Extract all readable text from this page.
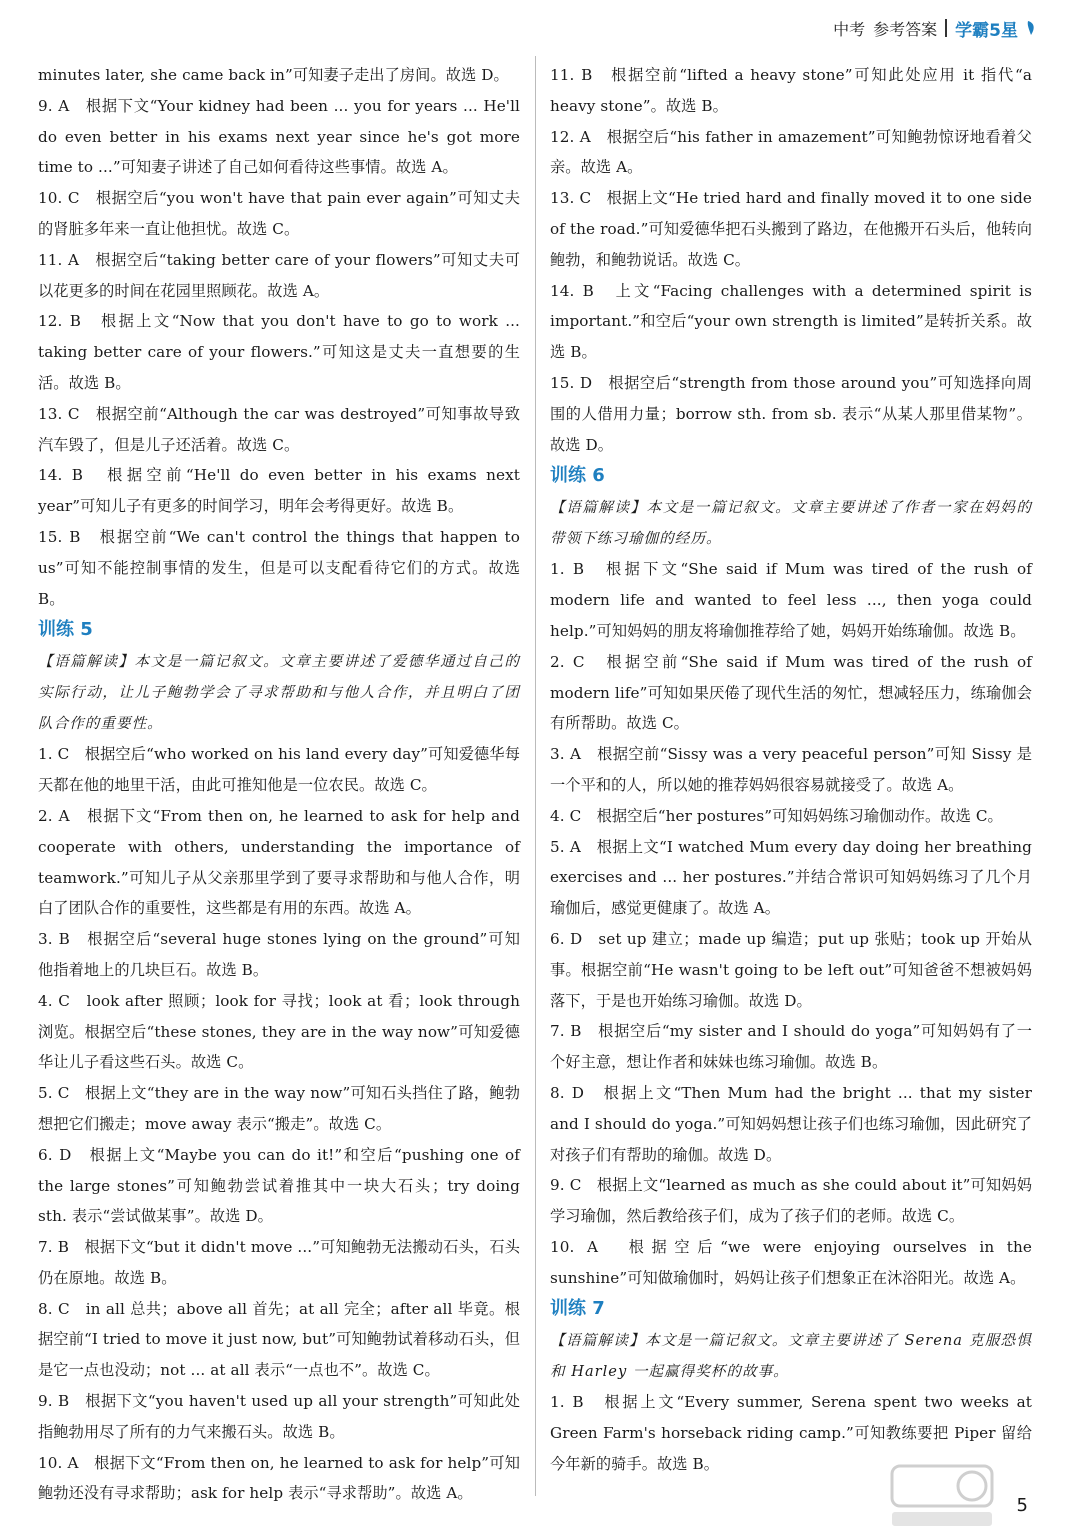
中考 参考答案 学霸5星
minutes later, she came back in”可知妻子走出了房间。故选 D。
9. A　根据下文“Your kidney had been ... you for years ... He'll do even better in his exams next year since he's got more time to ...”可知妻子讲述了自己如何看待这些事情。故选 A。
10. C　根据空后“you won't have that pain ever again”可知丈夫的肾脏多年来一直让他担忧。故选 C。
11. A　根据空后“taking better care of your flowers”可知丈夫可以花更多的时间在花园里照顾花。故选 A。
12. B　根据上文“Now that you don't have to go to work ... taking better care of your flowers.”可知这是丈夫一直想要的生活。故选 B。
13. C　根据空前“Although the car was destroyed”可知事故导致汽车毁了，但是儿子还活着。故选 C。
14. B　根据空前“He'll do even better in his exams next year”可知儿子有更多的时间学习，明年会考得更好。故选 B。
15. B　根据空前“We can't control the things that happen to us”可知不能控制事情的发生，但是可以支配看待它们的方式。故选 B。
训练 5
【语篇解读】本文是一篇记叙文。文章主要讲述了爱德华通过自己的实际行动，让儿子鲍勃学会了寻求帮助和与他人合作，并且明白了团队合作的重要性。
1. C　根据空后“who worked on his land every day”可知爱德华每天都在他的地里干活，由此可推知他是一位农民。故选 C。
2. A　根据下文“From then on, he learned to ask for help and cooperate with others, understanding the importance of teamwork.”可知儿子从父亲那里学到了要寻求帮助和与他人合作，明白了团队合作的重要性，这些都是有用的东西。故选 A。
3. B　根据空后“several huge stones lying on the ground”可知他指着地上的几块巨石。故选 B。
4. C　look after 照顾；look for 寻找；look at 看；look through 浏览。根据空后“these stones, they are in the way now”可知爱德华让儿子看这些石头。故选 C。
5. C　根据上文“they are in the way now”可知石头挡住了路，鲍勃想把它们搬走；move away 表示“搬走”。故选 C。
6. D　根据上文“Maybe you can do it!”和空后“pushing one of the large stones”可知鲍勃尝试着推其中一块大石头；try doing sth. 表示“尝试做某事”。故选 D。
7. B　根据下文“but it didn't move ...”可知鲍勃无法搬动石头，石头仍在原地。故选 B。
8. C　in all 总共；above all 首先；at all 完全；after all 毕竟。根据空前“I tried to move it just now, but”可知鲍勃试着移动石头，但是它一点也没动；not ... at all 表示“一点也不”。故选 C。
9. B　根据下文“you haven't used up all your strength”可知此处指鲍勃用尽了所有的力气来搬石头。故选 B。
10. A　根据下文“From then on, he learned to ask for help”可知鲍勃还没有寻求帮助；ask for help 表示“寻求帮助”。故选 A。
11. B　根据空前“lifted a heavy stone”可知此处应用 it 指代“a heavy stone”。故选 B。
12. A　根据空后“his father in amazement”可知鲍勃惊讶地看着父亲。故选 A。
13. C　根据上文“He tried hard and finally moved it to one side of the road.”可知爱德华把石头搬到了路边，在他搬开石头后，他转向鲍勃，和鲍勃说话。故选 C。
14. B　上文“Facing challenges with a determined spirit is important.”和空后“your own strength is limited”是转折关系。故选 B。
15. D　根据空后“strength from those around you”可知选择向周围的人借用力量；borrow sth. from sb. 表示“从某人那里借某物”。故选 D。
训练 6
【语篇解读】本文是一篇记叙文。文章主要讲述了作者一家在妈妈的带领下练习瑜伽的经历。
1. B　根据下文“She said if Mum was tired of the rush of modern life and wanted to feel less ..., then yoga could help.”可知妈妈的朋友将瑜伽推荐给了她，妈妈开始练瑜伽。故选 B。
2. C　根据空前“She said if Mum was tired of the rush of modern life”可知如果厌倦了现代生活的匆忙，想减轻压力，练瑜伽会有所帮助。故选 C。
3. A　根据空前“Sissy was a very peaceful person”可知 Sissy 是一个平和的人，所以她的推荐妈妈很容易就接受了。故选 A。
4. C　根据空后“her postures”可知妈妈练习瑜伽动作。故选 C。
5. A　根据上文“I watched Mum every day doing her breathing exercises and ... her postures.”并结合常识可知妈妈练习了几个月瑜伽后，感觉更健康了。故选 A。
6. D　set up 建立；made up 编造；put up 张贴；took up 开始从事。根据空前“He wasn't going to be left out”可知爸爸不想被妈妈落下，于是也开始练习瑜伽。故选 D。
7. B　根据空后“my sister and I should do yoga”可知妈妈有了一个好主意，想让作者和妹妹也练习瑜伽。故选 B。
8. D　根据上文“Then Mum had the bright ... that my sister and I should do yoga.”可知妈妈想让孩子们也练习瑜伽，因此研究了对孩子们有帮助的瑜伽。故选 D。
9. C　根据上文“learned as much as she could about it”可知妈妈学习瑜伽，然后教给孩子们，成为了孩子们的老师。故选 C。
10. A　根据空后“we were enjoying ourselves in the sunshine”可知做瑜伽时，妈妈让孩子们想象正在沐浴阳光。故选 A。
训练 7
【语篇解读】本文是一篇记叙文。文章主要讲述了 Serena 克服恐惧和 Harley 一起赢得奖杯的故事。
1. B　根据上文“Every summer, Serena spent two weeks at Green Farm's horseback riding camp.”可知教练要把 Piper 留给今年新的骑手。故选 B。
5
